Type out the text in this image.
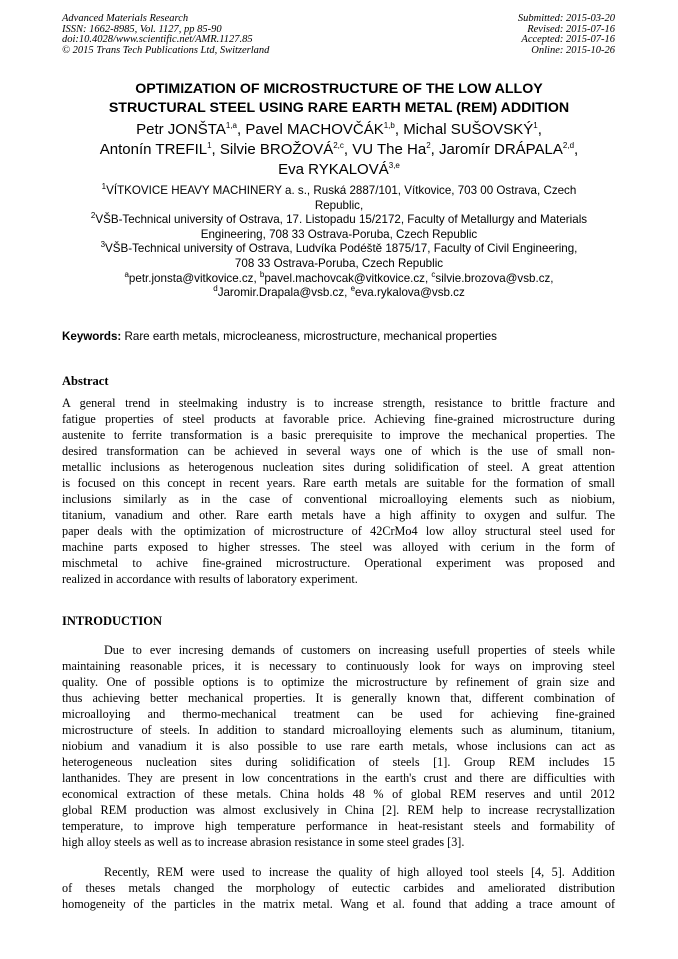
Advanced Materials Research
ISSN: 1662-8985, Vol. 1127, pp 85-90
doi:10.4028/www.scientific.net/AMR.1127.85
© 2015 Trans Tech Publications Ltd, Switzerland
Submitted: 2015-03-20
Revised: 2015-07-16
Accepted: 2015-07-16
Online: 2015-10-26
OPTIMIZATION OF MICROSTRUCTURE OF THE LOW ALLOY
STRUCTURAL STEEL USING RARE EARTH METAL (REM) ADDITION
Petr JONŠTA$^{1,a}$, Pavel MACHOVČÁK$^{1,b}$, Michal SUŠOVSKÝ$^1$,
Antonín TREFIL$^1$, Silvie BROŽOVÁ$^{2,c}$, VU The Ha$^2$, Jaromír DRÁPALA$^{2,d}$,
Eva RYKALOVÁ$^{3,e}$
$^1$VÍTKOVICE HEAVY MACHINERY a. s., Ruská 2887/101, Vítkovice, 703 00 Ostrava, Czech
Republic,
$^2$VŠB-Technical university of Ostrava, 17. Listopadu 15/2172, Faculty of Metallurgy and Materials
Engineering, 708 33 Ostrava-Poruba, Czech Republic
$^3$VŠB-Technical university of Ostrava, Ludvíka Podéště 1875/17, Faculty of Civil Engineering,
708 33 Ostrava-Poruba, Czech Republic
$^a$petr.jonsta@vitkovice.cz, $^b$pavel.machovcak@vitkovice.cz, $^c$silvie.brozova@vsb.cz,
$^d$Jaromir.Drapala@vsb.cz, $^e$eva.rykalova@vsb.cz
Keywords: Rare earth metals, microcleaness, microstructure, mechanical properties
Abstract
A general trend in steelmaking industry is to increase strength, resistance to brittle fracture and
fatigue properties of steel products at favorable price. Achieving fine-grained microstructure during
austenite to ferrite transformation is a basic prerequisite to improve the mechanical properties. The
desired transformation can be achieved in several ways one of which is the use of small non-
metallic inclusions as heterogenous nucleation sites during solidification of steel. A great attention
is focused on this concept in recent years. Rare earth metals are suitable for the formation of small
inclusions similarly as in the case of conventional microalloying elements such as niobium,
titanium, vanadium and other. Rare earth metals have a high affinity to oxygen and sulfur. The
paper deals with the optimization of microstructure of 42CrMo4 low alloy structural steel used for
machine parts exposed to higher stresses. The steel was alloyed with cerium in the form of
mischmetal to achive fine-grained microstructure. Operational experiment was proposed and
realized in accordance with results of laboratory experiment.
INTRODUCTION
Due to ever incresing demands of customers on increasing usefull properties of steels while
maintaining reasonable prices, it is necessary to continuously look for ways on improving steel
quality. One of possible options is to optimize the microstructure by refinement of grain size and
thus achieving better mechanical properties. It is generally known that, different combination of
microalloying and thermo-mechanical treatment can be used for achieving fine-grained
microstructure of steels. In addition to standard microalloying elements such as aluminum, titanium,
niobium and vanadium it is also possible to use rare earth metals, whose inclusions can act as
heterogeneous nucleation sites during solidification of steels [1]. Group REM includes 15
lanthanides. They are present in low concentrations in the earth's crust and there are difficulties with
economical extraction of these metals. China holds 48 % of global REM reserves and until 2012
global REM production was almost exclusively in China [2]. REM help to increase recrystallization
temperature, to improve high temperature performance in heat-resistant steels and formability of
high alloy steels as well as to increase abrasion resistance in some steel grades [3].
Recently, REM were used to increase the quality of high alloyed tool steels [4, 5]. Addition
of theses metals changed the morphology of eutectic carbides and ameliorated distribution
homogeneity of the particles in the matrix metal. Wang et al. found that adding a trace amount of
